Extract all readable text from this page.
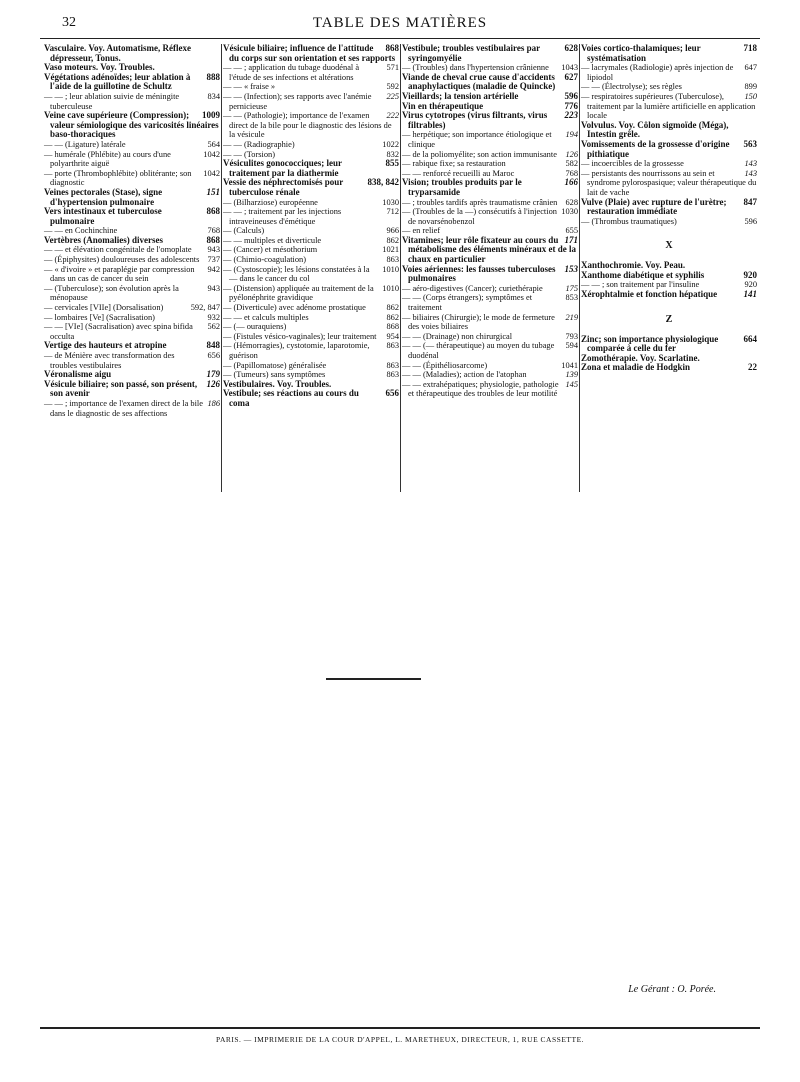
32	TABLE DES MATIÈRES

Vasculaire. Voy. Automatisme, Réflexe dépresseur, Tonus.

Vaso moteurs. Voy. Troubles.

888
Végétations adénoïdes; leur ablation à l'aide de la guillotine de Schultz

834
— — ; leur ablation suivie de méningite tuberculeuse

1009
Veine cave supérieure (Compression); valeur sémiologique des varicosités linéaires baso-thoraciques

564
— — (Ligature) latérale

1042
— humérale (Phlébite) au cours d'une polyarthrite aiguë

1042
— porte (Thrombophlébite) oblitérante; son diagnostic

151
Veines pectorales (Stase), signe d'hypertension pulmonaire

868
Vers intestinaux et tuberculose pulmonaire

768
— — en Cochinchine

868
Vertèbres (Anomalies) diverses

943
— — et élévation congénitale de l'omoplate

737
— (Épiphysites) douloureuses des adolescents

942
— « d'ivoire » et paraplégie par compression dans un cas de cancer du sein

943
— (Tuberculose); son évolution après la ménopause

592, 847
— cervicales [VIIe] (Dorsalisation)

932
— lombaires [Ve] (Sacralisation)

562
— — [VIe] (Sacralisation) avec spina bifida occulta

848
Vertige des hauteurs et atropine

656
— de Ménière avec transformation des troubles vestibulaires

179
Véronalisme aigu

126
Vésicule biliaire; son passé, son présent, son avenir

186
— — ; importance de l'examen direct de la bile dans le diagnostic de ses affections

868
Vésicule biliaire; influence de l'attitude du corps sur son orientation et ses rapports

571
— — ; application du tubage duodénal à l'étude de ses infections et altérations

592
— — « fraise »

225
— — (Infection); ses rapports avec l'anémie pernicieuse

222
— — (Pathologie); importance de l'examen direct de la bile pour le diagnostic des lésions de la vésicule

1022
— — (Radiographie)

832
— — (Torsion)

855
Vésiculites gonococciques; leur traitement par la diathermie

838, 842
Vessie des néphrectomisés pour tuberculose rénale

1030
— (Bilharziose) européenne

712
— — ; traitement par les injections intraveineuses d'émétique

966
— (Calculs)

862
— — multiples et diverticule

1021
— (Cancer) et mésothorium

863
— (Chimio-coagulation)

1010
— (Cystoscopie); les lésions constatées à la — dans le cancer du col

1010
— (Distension) appliquée au traitement de la pyélonéphrite gravidique

862
— (Diverticule) avec adénome prostatique

862
— — et calculs multiples

868
— (— ouraquiens)

954
— (Fistules vésico-vaginales); leur traitement

863
— (Hémorragies), cystotomie, laparotomie, guérison

863
— (Papillomatose) généralisée

863
— (Tumeurs) sans symptômes

Vestibulaires. Voy. Troubles.

656
Vestibule; ses réactions au cours du coma

628
Vestibule; troubles vestibulaires par syringomyélie

1043
— (Troubles) dans l'hypertension crânienne

627
Viande de cheval crue cause d'accidents anaphylactiques (maladie de Quincke)

596
Vieillards; la tension artérielle

776
Vin en thérapeutique

223
Virus cytotropes (virus filtrants, virus filtrables)

194
— herpétique; son importance étiologique et clinique

126
— de la poliomyélite; son action immunisante

582
— rabique fixe; sa restauration

768
— — renforcé recueilli au Maroc

166
Vision; troubles produits par le tryparsamide

628
— ; troubles tardifs après traumatisme crânien

1030
— (Troubles de la —) consécutifs à l'injection de novarsénobenzol

655
— en relief

171
Vitamines; leur rôle fixateur au cours du métabolisme des éléments minéraux et de la chaux en particulier

153
Voies aériennes: les fausses tuberculoses pulmonaires

175
— aéro-digestives (Cancer); curiethérapie

853
— — (Corps étrangers); symptômes et traitement

219
— biliaires (Chirurgie); le mode de fermeture des voies biliaires

793
— — (Drainage) non chirurgical

594
— — (— thérapeutique) au moyen du tubage duodénal

1041
— — (Épithéliosarcome)

139
— — (Maladies); action de l'atophan

145
— — extrahépatiques; physiologie, pathologie et thérapeutique des troubles de leur motilité

718
Voies cortico-thalamiques; leur systématisation

647
— lacrymales (Radiologie) après injection de lipiodol

899
— — (Électrolyse); ses règles

150
— respiratoires supérieures (Tuberculose), traitement par la lumière artificielle en application locale

Volvulus. Voy. Côlon sigmoïde (Méga), Intestin grêle.

563
Vomissements de la grossesse d'origine pithiatique

143
— incoercibles de la grossesse

143
— persistants des nourrissons au sein et syndrome pylorospasique; valeur thérapeutique du lait de vache

847
Vulve (Plaie) avec rupture de l'urètre; restauration immédiate

596
— (Thrombus traumatiques)

X

Xanthochromie. Voy. Peau.

920
Xanthome diabétique et syphilis

920
— — ; son traitement par l'insuline

141
Xérophtalmie et fonction hépatique

Z

664
Zinc; son importance physiologique comparée à celle du fer

Zomothérapie. Voy. Scarlatine.

22
Zona et maladie de Hodgkin

Le Gérant : O. Porée.
PARIS. — IMPRIMERIE DE LA COUR D'APPEL, L. MARETHEUX, DIRECTEUR, 1, RUE CASSETTE.
